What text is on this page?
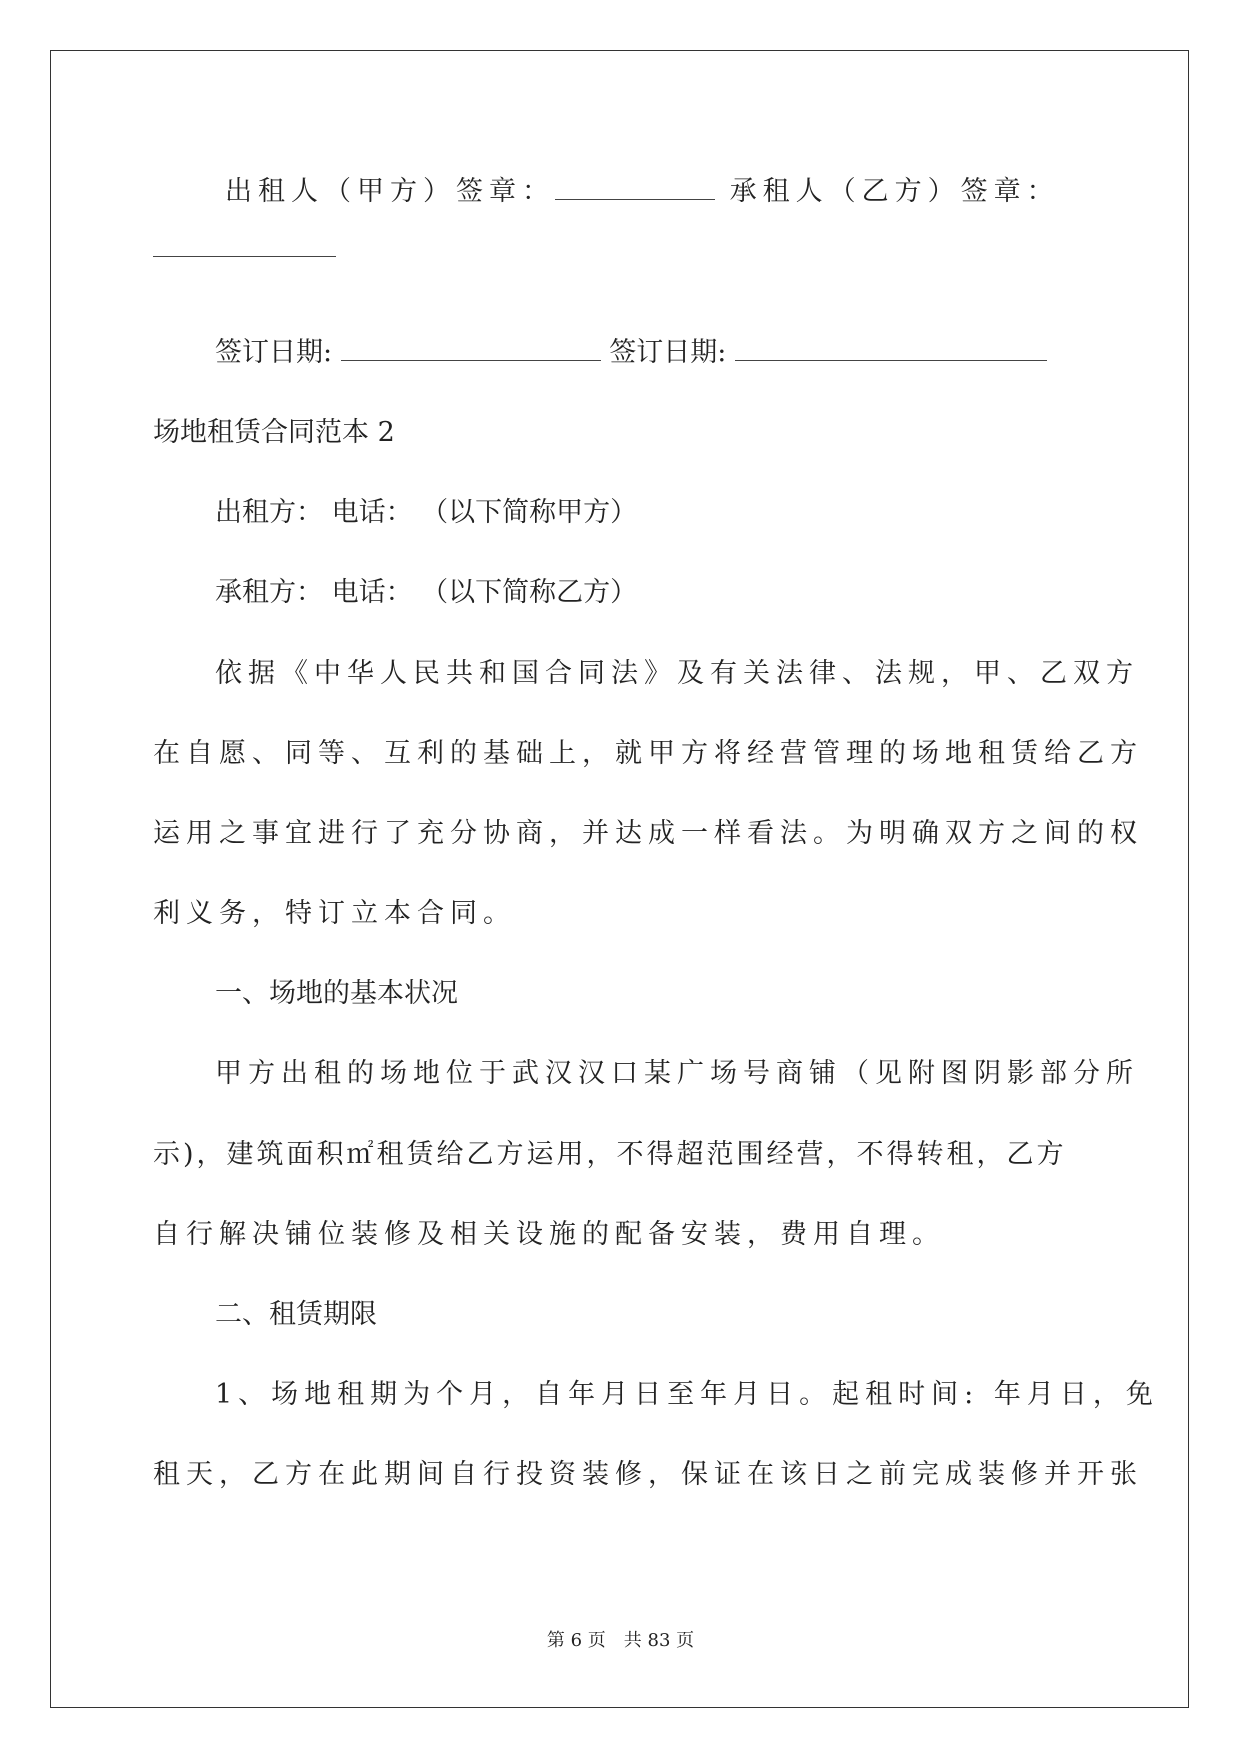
出租人（甲方）签章：	承租人（乙方）签章：
签订日期:	签订日期:
场地租赁合同范本 2
出租方： 电话： （以下简称甲方）
承租方： 电话： （以下简称乙方）
依据《中华人民共和国合同法》及有关法律、法规，甲、乙双方
在自愿、同等、互利的基础上，就甲方将经营管理的场地租赁给乙方
运用之事宜进行了充分协商，并达成一样看法。为明确双方之间的权
利义务，特订立本合同。
一、场地的基本状况
甲方出租的场地位于武汉汉口某广场号商铺（见附图阴影部分所
示)，建筑面积㎡租赁给乙方运用，不得超范围经营，不得转租，乙方
自行解决铺位装修及相关设施的配备安装，费用自理。
二、租赁期限
1、场地租期为个月，自年月日至年月日。起租时间: 年月日，免
租天，乙方在此期间自行投资装修，保证在该日之前完成装修并开张
第 6 页　共 83 页
